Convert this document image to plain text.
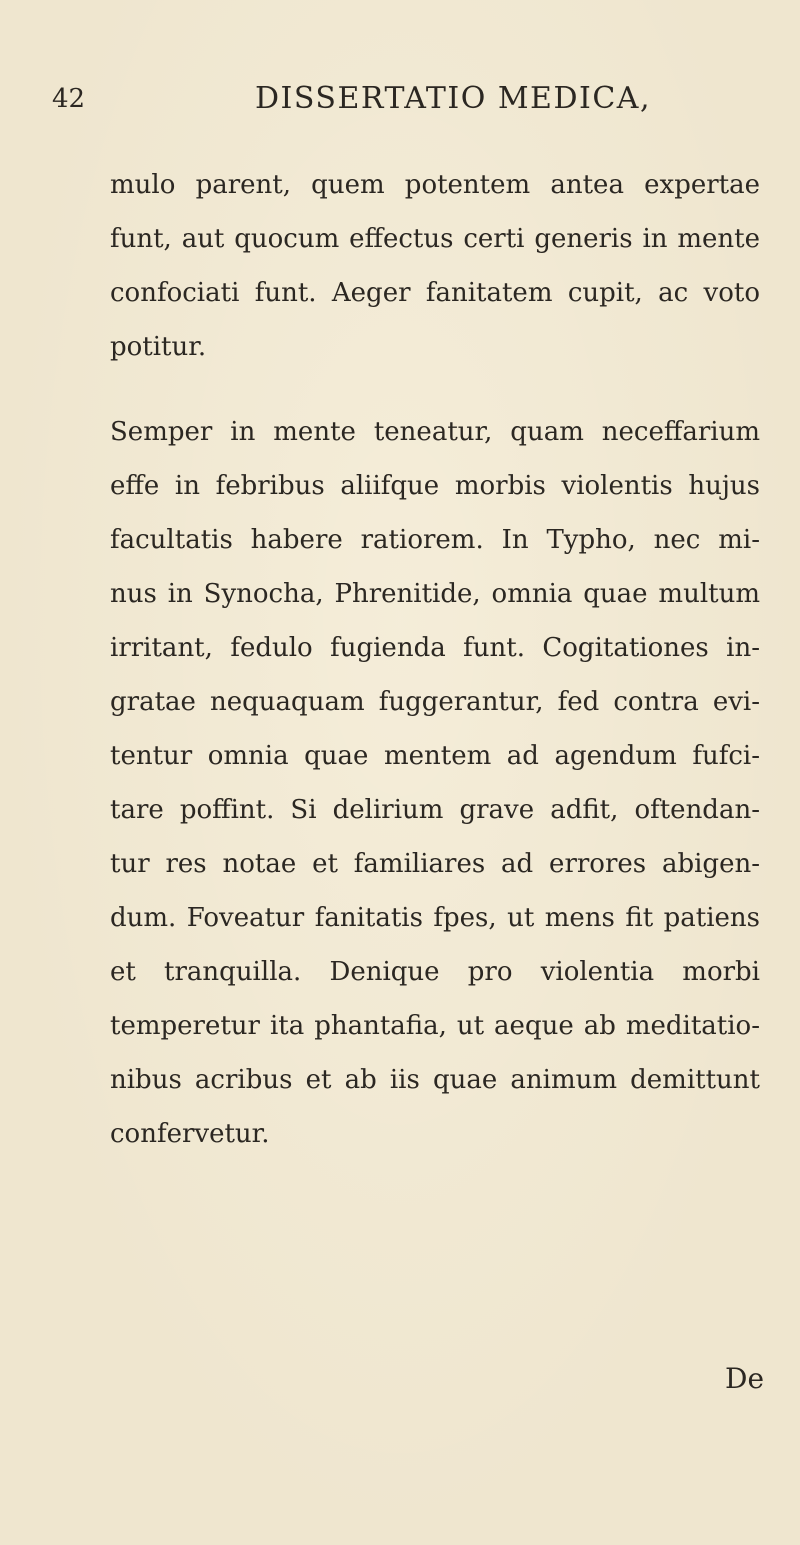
42	DISSERTATIO MEDICA,
mulo parent, quem potentem antea expertae
funt, aut quocum effectus certi generis in mente
confociati funt. Aeger fanitatem cupit, ac voto
potitur.
Semper in mente teneatur, quam neceffarium
effe in febribus aliifque morbis violentis hujus
facultatis habere ratiorem. In Typho, nec mi-
nus in Synocha, Phrenitide, omnia quae multum
irritant, fedulo fugienda funt. Cogitationes in-
gratae nequaquam fuggerantur, fed contra evi-
tentur omnia quae mentem ad agendum fufci-
tare poffint. Si delirium grave adfit, oftendan-
tur res notae et familiares ad errores abigen-
dum. Foveatur fanitatis fpes, ut mens fit patiens
et tranquilla. Denique pro violentia morbi
temperetur ita phantafia, ut aeque ab meditatio-
nibus acribus et ab iis quae animum demittunt
confervetur.
De
